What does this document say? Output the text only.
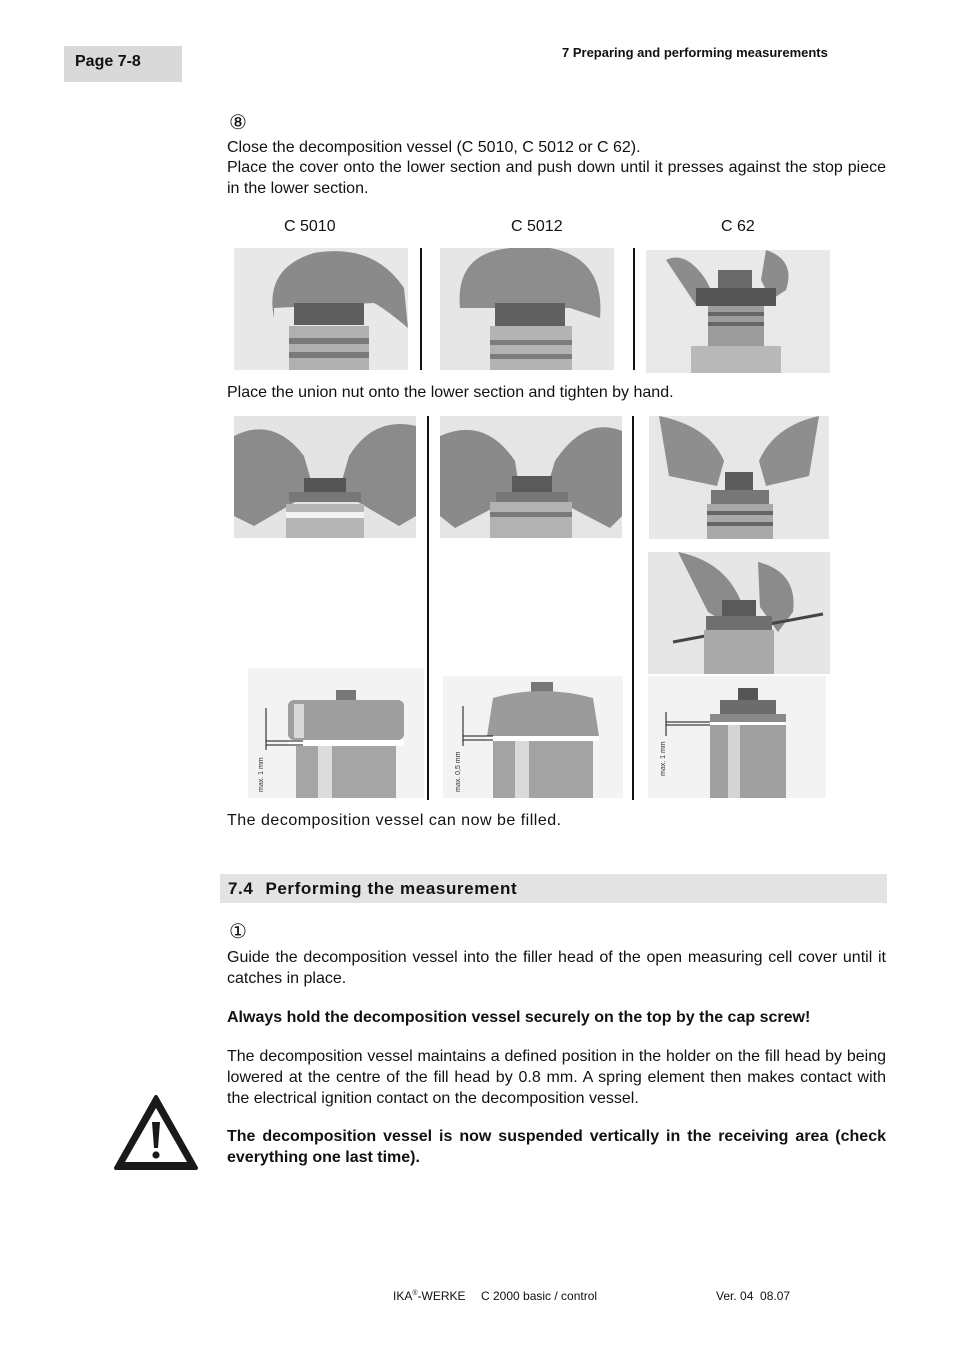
Page 7-8
7 Preparing and performing measurements
⑧
Close the decomposition vessel (C 5010, C 5012 or C 62).
Place the cover onto the lower section and push down until it presses against the stop piece in the lower section.
C 5010	C 5012	C 62
Place the union nut onto the lower section and tighten by hand.
max. 1 mm	max. 0,5 mm	max. 1 mm
The decomposition vessel can now be filled.
7.4 Performing the measurement
①
Guide the decomposition vessel into the filler head of the open measuring cell cover until it catches in place.
Always hold the decomposition vessel securely on the top by the cap screw!
The decomposition vessel maintains a defined position in the holder on the fill head by being lowered at the centre of the fill head by 0.8 mm. A spring element then makes contact with the electrical ignition contact on the decomposition vessel.
The decomposition vessel is now suspended vertically in the receiving area (check everything one last time).
IKA®-WERKE C 2000 basic / control	Ver. 04  08.07
